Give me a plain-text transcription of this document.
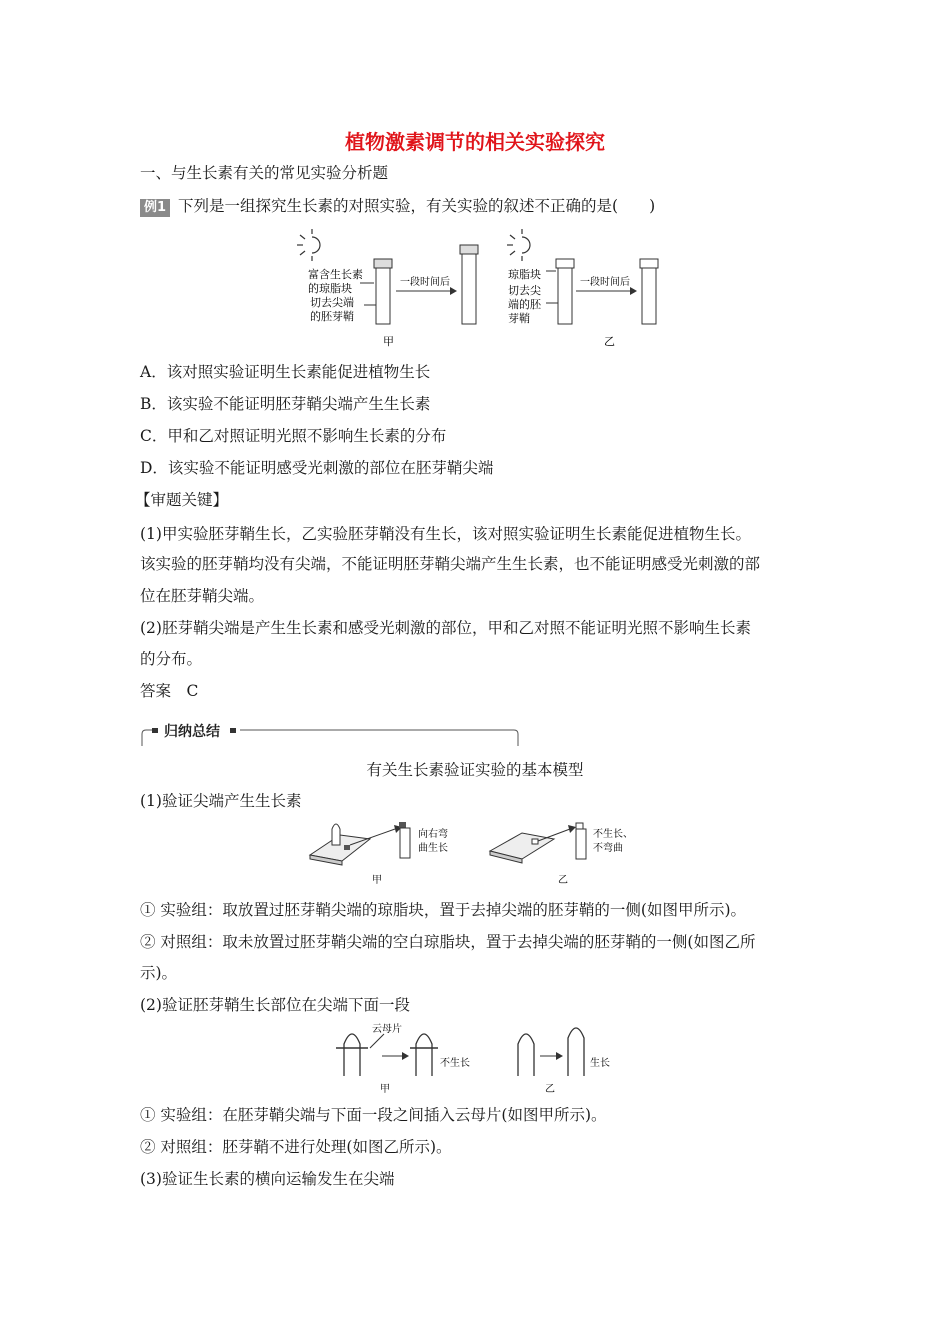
植物激素调节的相关实验探究
一、与生长素有关的常见实验分析题
例1 下列是一组探究生长素的对照实验，有关实验的叙述不正确的是(　　)
富含生长素
的琼脂块
切去尖端
的胚芽鞘
一段时间后
甲
琼脂块
切去尖
端的胚
芽鞘
一段时间后
乙
A．该对照实验证明生长素能促进植物生长
B．该实验不能证明胚芽鞘尖端产生生长素
C．甲和乙对照证明光照不影响生长素的分布
D．该实验不能证明感受光刺激的部位在胚芽鞘尖端
【审题关键】
(1)甲实验胚芽鞘生长，乙实验胚芽鞘没有生长，该对照实验证明生长素能促进植物生长。
该实验的胚芽鞘均没有尖端，不能证明胚芽鞘尖端产生生长素，也不能证明感受光刺激的部
位在胚芽鞘尖端。
(2)胚芽鞘尖端是产生生长素和感受光刺激的部位，甲和乙对照不能证明光照不影响生长素
的分布。
答案　C
归纳总结
有关生长素验证实验的基本模型
(1)验证尖端产生生长素
向右弯
曲生长
甲
不生长、
不弯曲
乙
① 实验组：取放置过胚芽鞘尖端的琼脂块，置于去掉尖端的胚芽鞘的一侧(如图甲所示)。
② 对照组：取未放置过胚芽鞘尖端的空白琼脂块，置于去掉尖端的胚芽鞘的一侧(如图乙所
示)。
(2)验证胚芽鞘生长部位在尖端下面一段
云母片
不生长
甲
生长
乙
① 实验组：在胚芽鞘尖端与下面一段之间插入云母片(如图甲所示)。
② 对照组：胚芽鞘不进行处理(如图乙所示)。
(3)验证生长素的横向运输发生在尖端
